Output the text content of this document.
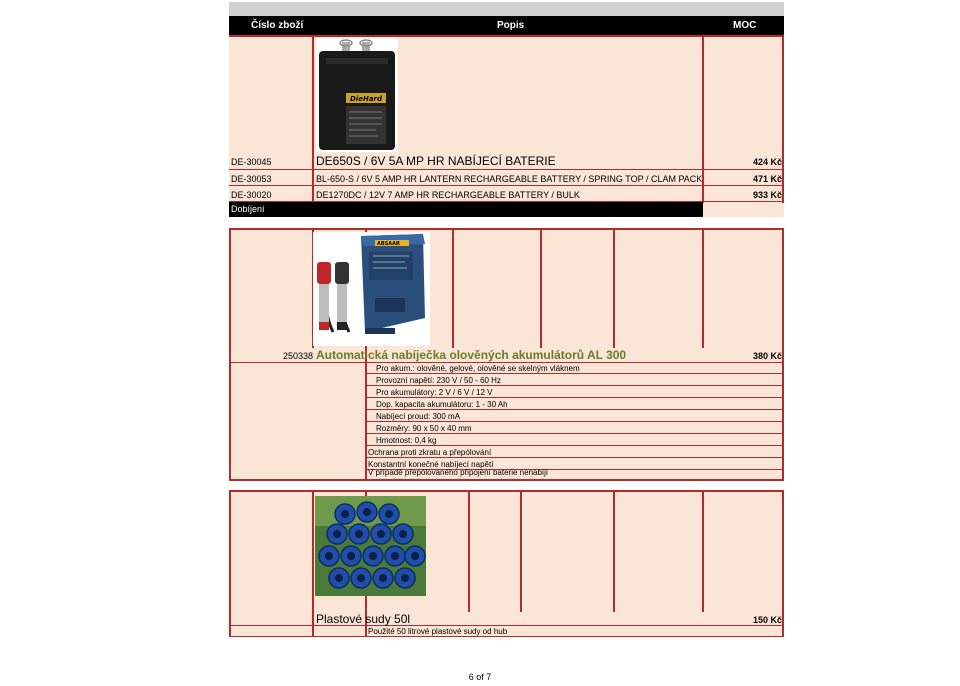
Číslo zboží	Popis	MOC
DieHard
DE-30045	DE650S / 6V 5A MP HR NABÍJECÍ BATERIE	424 Kč
DE-30053	BL-650-S / 6V 5 AMP HR LANTERN RECHARGEABLE BATTERY / SPRING TOP / CLAM PACK	471 Kč
DE-30020	DE1270DC / 12V 7 AMP HR RECHARGEABLE BATTERY / BULK	933 Kč
Dobíjení
ABSAAR
250338 Automatická nabíječka olověných akumulátorů AL 300	380 Kč
Pro akum.: olověné, gelové, olověné se skelným vláknem
Provozní napětí: 230 V / 50 - 60 Hz
Pro akumulátory: 2 V / 6 V / 12 V
Dop. kapacita akumulátoru: 1 - 30 Ah
Nabíjecí proud: 300 mA
Rozměry: 90 x 50 x 40 mm
Hmotnost: 0,4 kg
Ochrana proti zkratu a přepólování
Konstantní konečné nabíjecí napětí
V případě přepólovaného připojení baterie nenabíjí
Plastové sudy 50l	150 Kč
Použité 50 litrové plastové sudy od hub
6 of 7
